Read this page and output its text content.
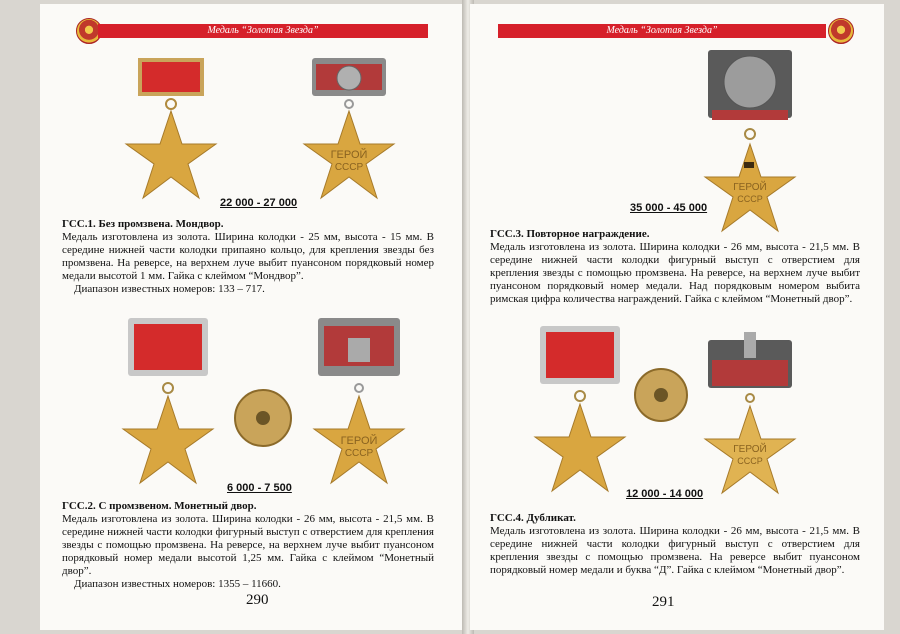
Медаль “Золотая Звезда”
ГЕРОЙ
СССР
22 000 - 27 000

ГСС.1. Без промзвена. Мондвор.

Медаль изготовлена из золота. Ширина колодки - 25 мм, высота - 15 мм. В середине нижней части колодки припаяно кольцо, для крепления звезды без промзвена. На реверсе, на верхнем луче выбит пуансоном порядковый номер медали высотой 1 мм. Гайка с клеймом “Мондвор”.

Диапазон известных номеров: 133 – 717.

ГЕРОЙ
СССР
6 000 - 7 500

ГСС.2. С промзвеном. Монетный двор.

Медаль изготовлена из золота. Ширина колодки - 26 мм, высота - 21,5 мм. В середине нижней части колодки фигурный выступ с отверстием для крепления звезды с помощью промзвена. На реверсе, на верхнем луче выбит пуансоном порядковый номер медали высотой 1,25 мм. Гайка с клеймом “Монетный двор”.

Диапазон известных номеров: 1355 – 11660.

290
Медаль “Золотая Звезда”
ГЕРОЙ
СССР
35 000 - 45 000

ГСС.3. Повторное награждение.

Медаль изготовлена из золота. Ширина колодки - 26 мм, высота - 21,5 мм. В середине нижней части колодки фигурный выступ с отверстием для крепления звезды с помощью промзвена. На реверсе, на верхнем луче выбит пуансоном порядковый номер медали. Над порядковым номером выбита римская цифра количества награждений. Гайка с клеймом “Монетный двор”.

ГЕРОЙ
СССР
12 000 - 14 000

ГСС.4. Дубликат.

Медаль изготовлена из золота. Ширина колодки - 26 мм, высота - 21,5 мм. В середине нижней части колодки фигурный выступ с отверстием для крепления звезды с помощью промзвена. На реверсе выбит пуансоном порядковый номер медали и буква “Д”. Гайка с клеймом “Монетный двор”.

291
